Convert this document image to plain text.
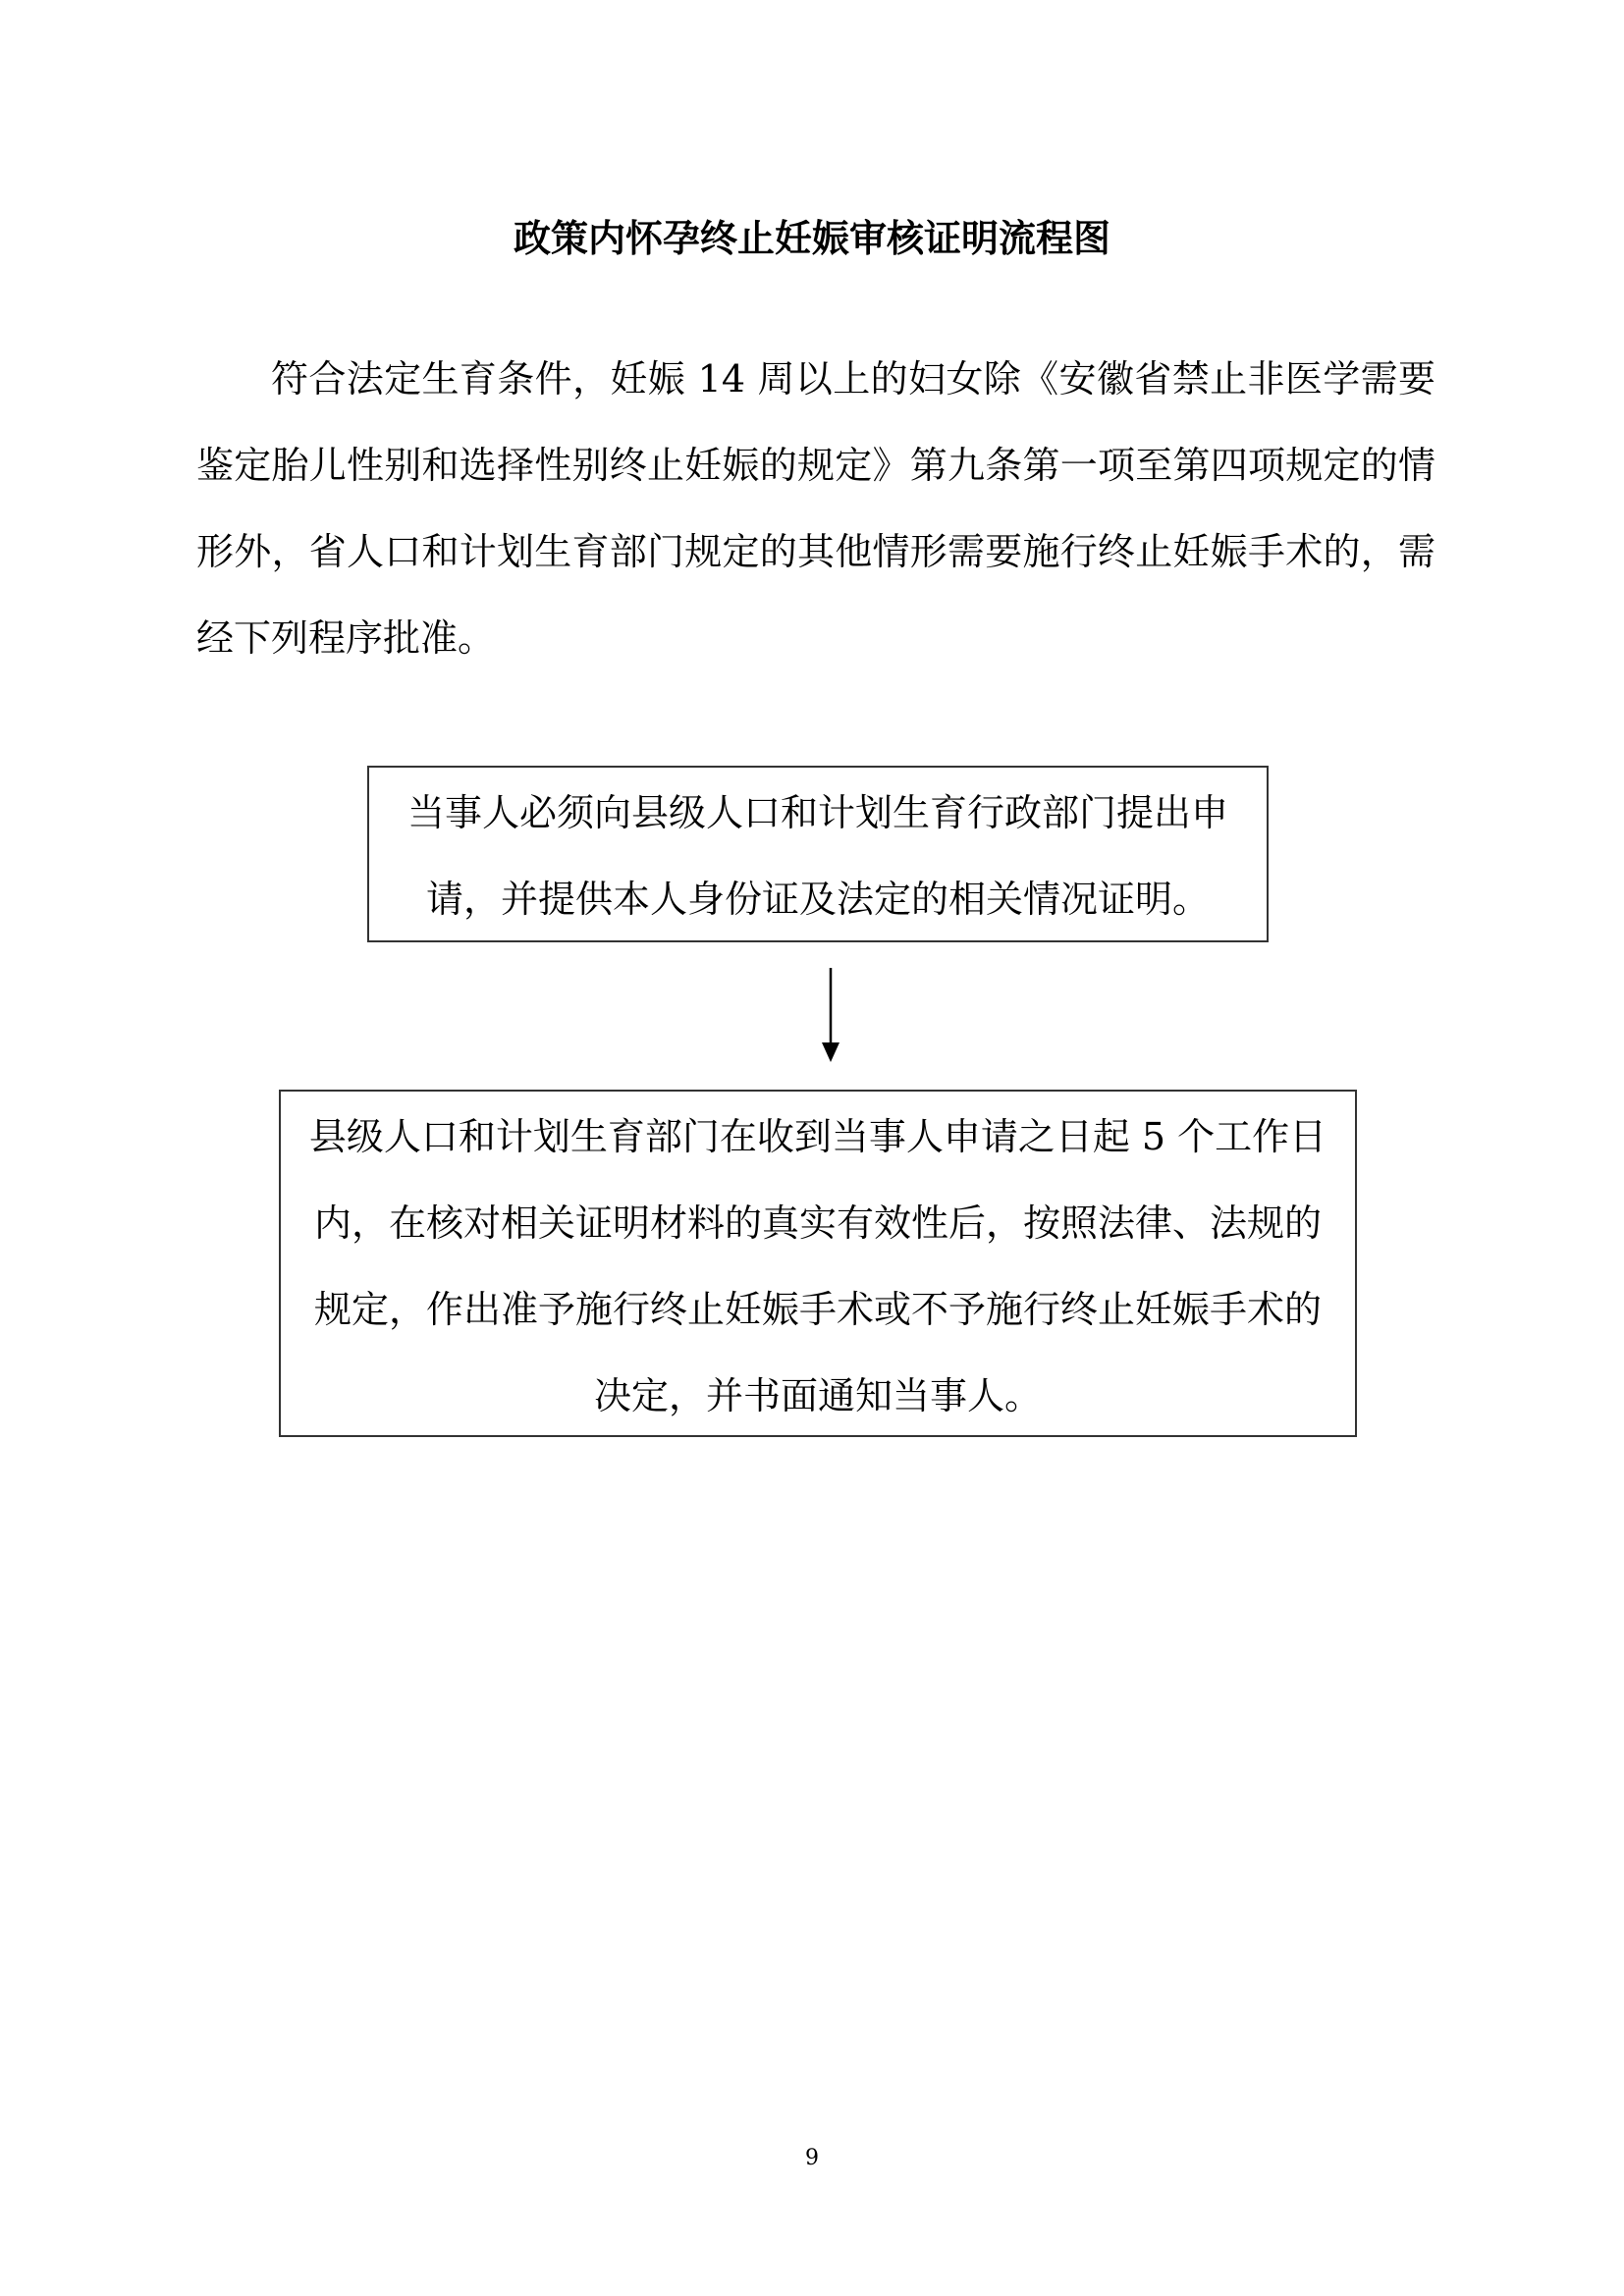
政策内怀孕终止妊娠审核证明流程图

符合法定生育条件，妊娠 14 周以上的妇女除《安徽省禁止非医学需要鉴定胎儿性别和选择性别终止妊娠的规定》第九条第一项至第四项规定的情形外，省人口和计划生育部门规定的其他情形需要施行终止妊娠手术的，需经下列程序批准。

当事人必须向县级人口和计划生育行政部门提出申请，并提供本人身份证及法定的相关情况证明。
县级人口和计划生育部门在收到当事人申请之日起 5 个工作日内，在核对相关证明材料的真实有效性后，按照法律、法规的规定，作出准予施行终止妊娠手术或不予施行终止妊娠手术的决定，并书面通知当事人。
9
